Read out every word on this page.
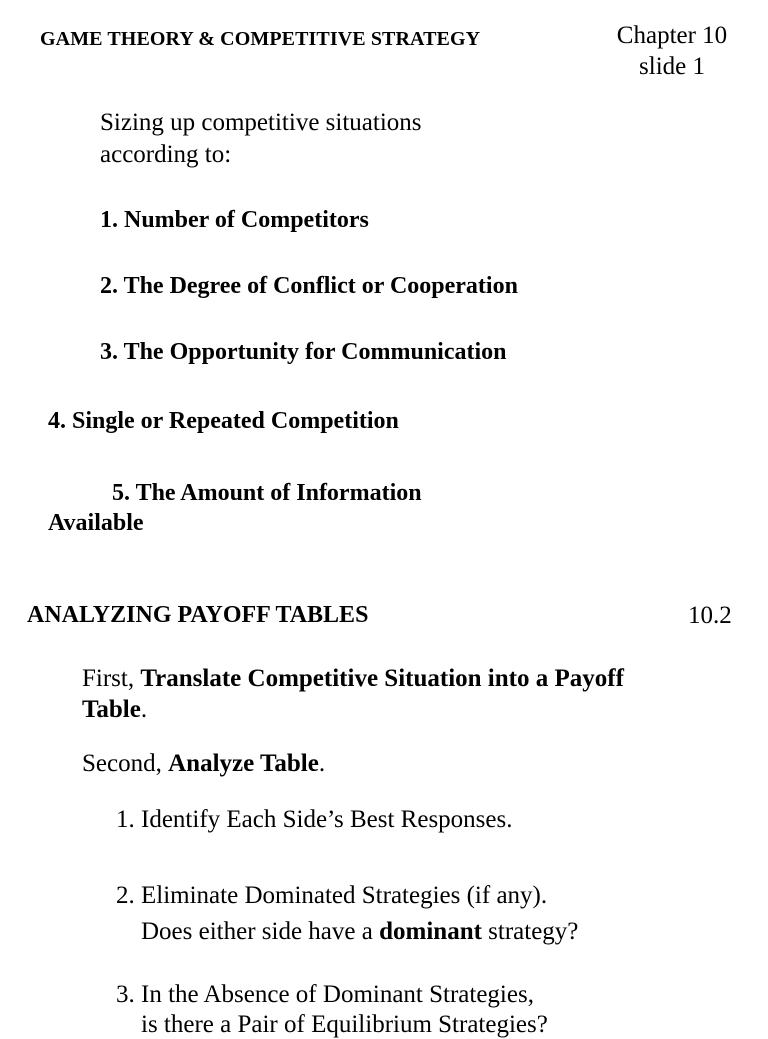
GAME THEORY & COMPETITIVE STRATEGY	Chapter 10
slide 1
Sizing up competitive situations
according to:
1. Number of Competitors
2. The Degree of Conflict or Cooperation
3. The Opportunity for Communication
4. Single or Repeated Competition
5. The Amount of Information
Available
ANALYZING PAYOFF TABLES	10.2
First, Translate Competitive Situation into a Payoff
Table.
Second, Analyze Table.
1. Identify Each Side’s Best Responses.
2. Eliminate Dominated Strategies (if any).
Does either side have a dominant strategy?
3. In the Absence of Dominant Strategies,
is there a Pair of Equilibrium Strategies?
